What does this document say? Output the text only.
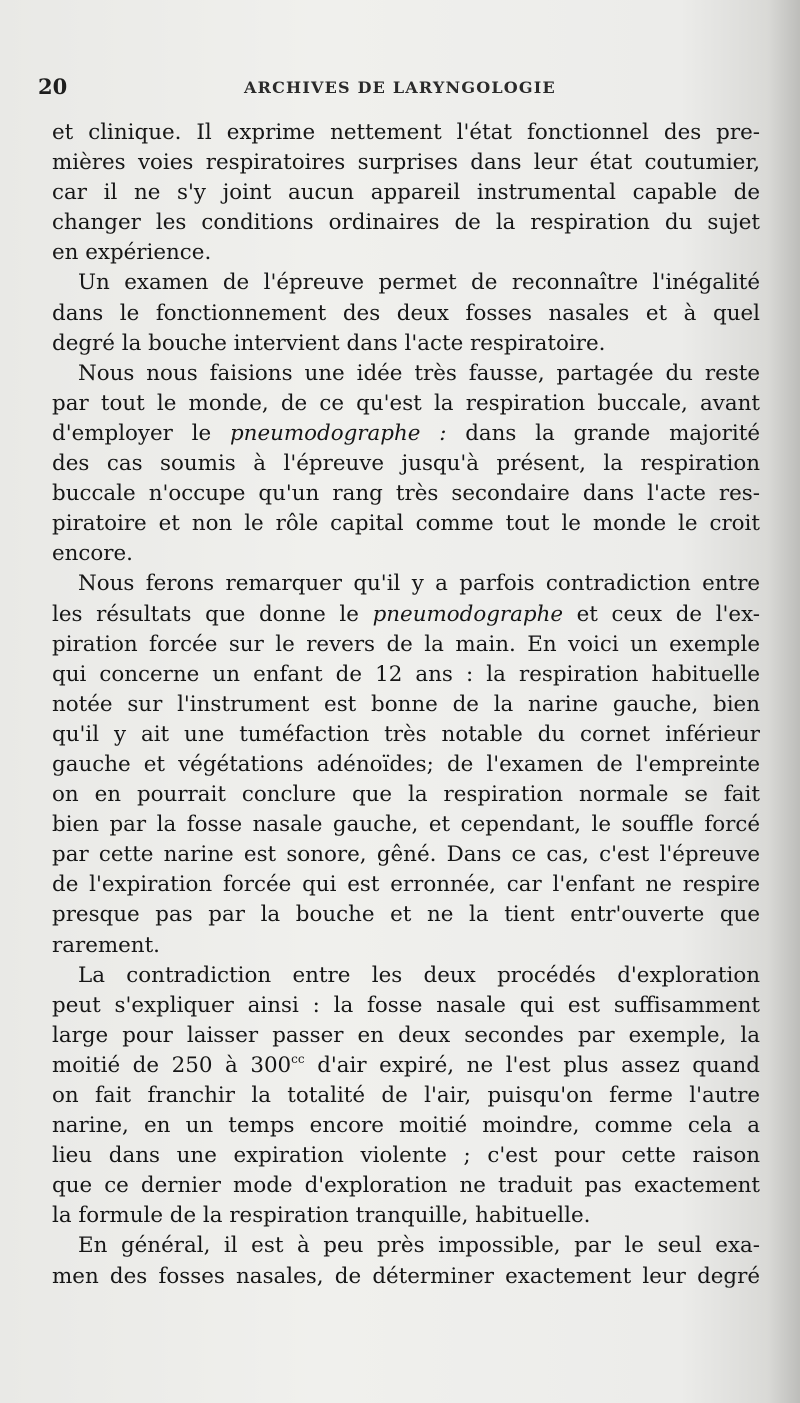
20	ARCHIVES DE LARYNGOLOGIE

et clinique. Il exprime nettement l'état fonctionnel des pre-
mières voies respiratoires surprises dans leur état coutumier,
car il ne s'y joint aucun appareil instrumental capable de
changer les conditions ordinaires de la respiration du sujet
en expérience.

Un examen de l'épreuve permet de reconnaître l'inégalité
dans le fonctionnement des deux fosses nasales et à quel
degré la bouche intervient dans l'acte respiratoire.

Nous nous faisions une idée très fausse, partagée du reste
par tout le monde, de ce qu'est la respiration buccale, avant
d'employer le pneumodographe : dans la grande majorité
des cas soumis à l'épreuve jusqu'à présent, la respiration
buccale n'occupe qu'un rang très secondaire dans l'acte res-
piratoire et non le rôle capital comme tout le monde le croit
encore.

Nous ferons remarquer qu'il y a parfois contradiction entre
les résultats que donne le pneumodographe et ceux de l'ex-
piration forcée sur le revers de la main. En voici un exemple
qui concerne un enfant de 12 ans : la respiration habituelle
notée sur l'instrument est bonne de la narine gauche, bien
qu'il y ait une tuméfaction très notable du cornet inférieur
gauche et végétations adénoïdes; de l'examen de l'empreinte
on en pourrait conclure que la respiration normale se fait
bien par la fosse nasale gauche, et cependant, le souffle forcé
par cette narine est sonore, gêné. Dans ce cas, c'est l'épreuve
de l'expiration forcée qui est erronnée, car l'enfant ne respire
presque pas par la bouche et ne la tient entr'ouverte que
rarement.

La contradiction entre les deux procédés d'exploration
peut s'expliquer ainsi : la fosse nasale qui est suffisamment
large pour laisser passer en deux secondes par exemple, la
moitié de 250 à $300^{cc}$ d'air expiré, ne l'est plus assez quand
on fait franchir la totalité de l'air, puisqu'on ferme l'autre
narine, en un temps encore moitié moindre, comme cela a
lieu dans une expiration violente ; c'est pour cette raison
que ce dernier mode d'exploration ne traduit pas exactement
la formule de la respiration tranquille, habituelle.

En général, il est à peu près impossible, par le seul exa-
men des fosses nasales, de déterminer exactement leur degré
